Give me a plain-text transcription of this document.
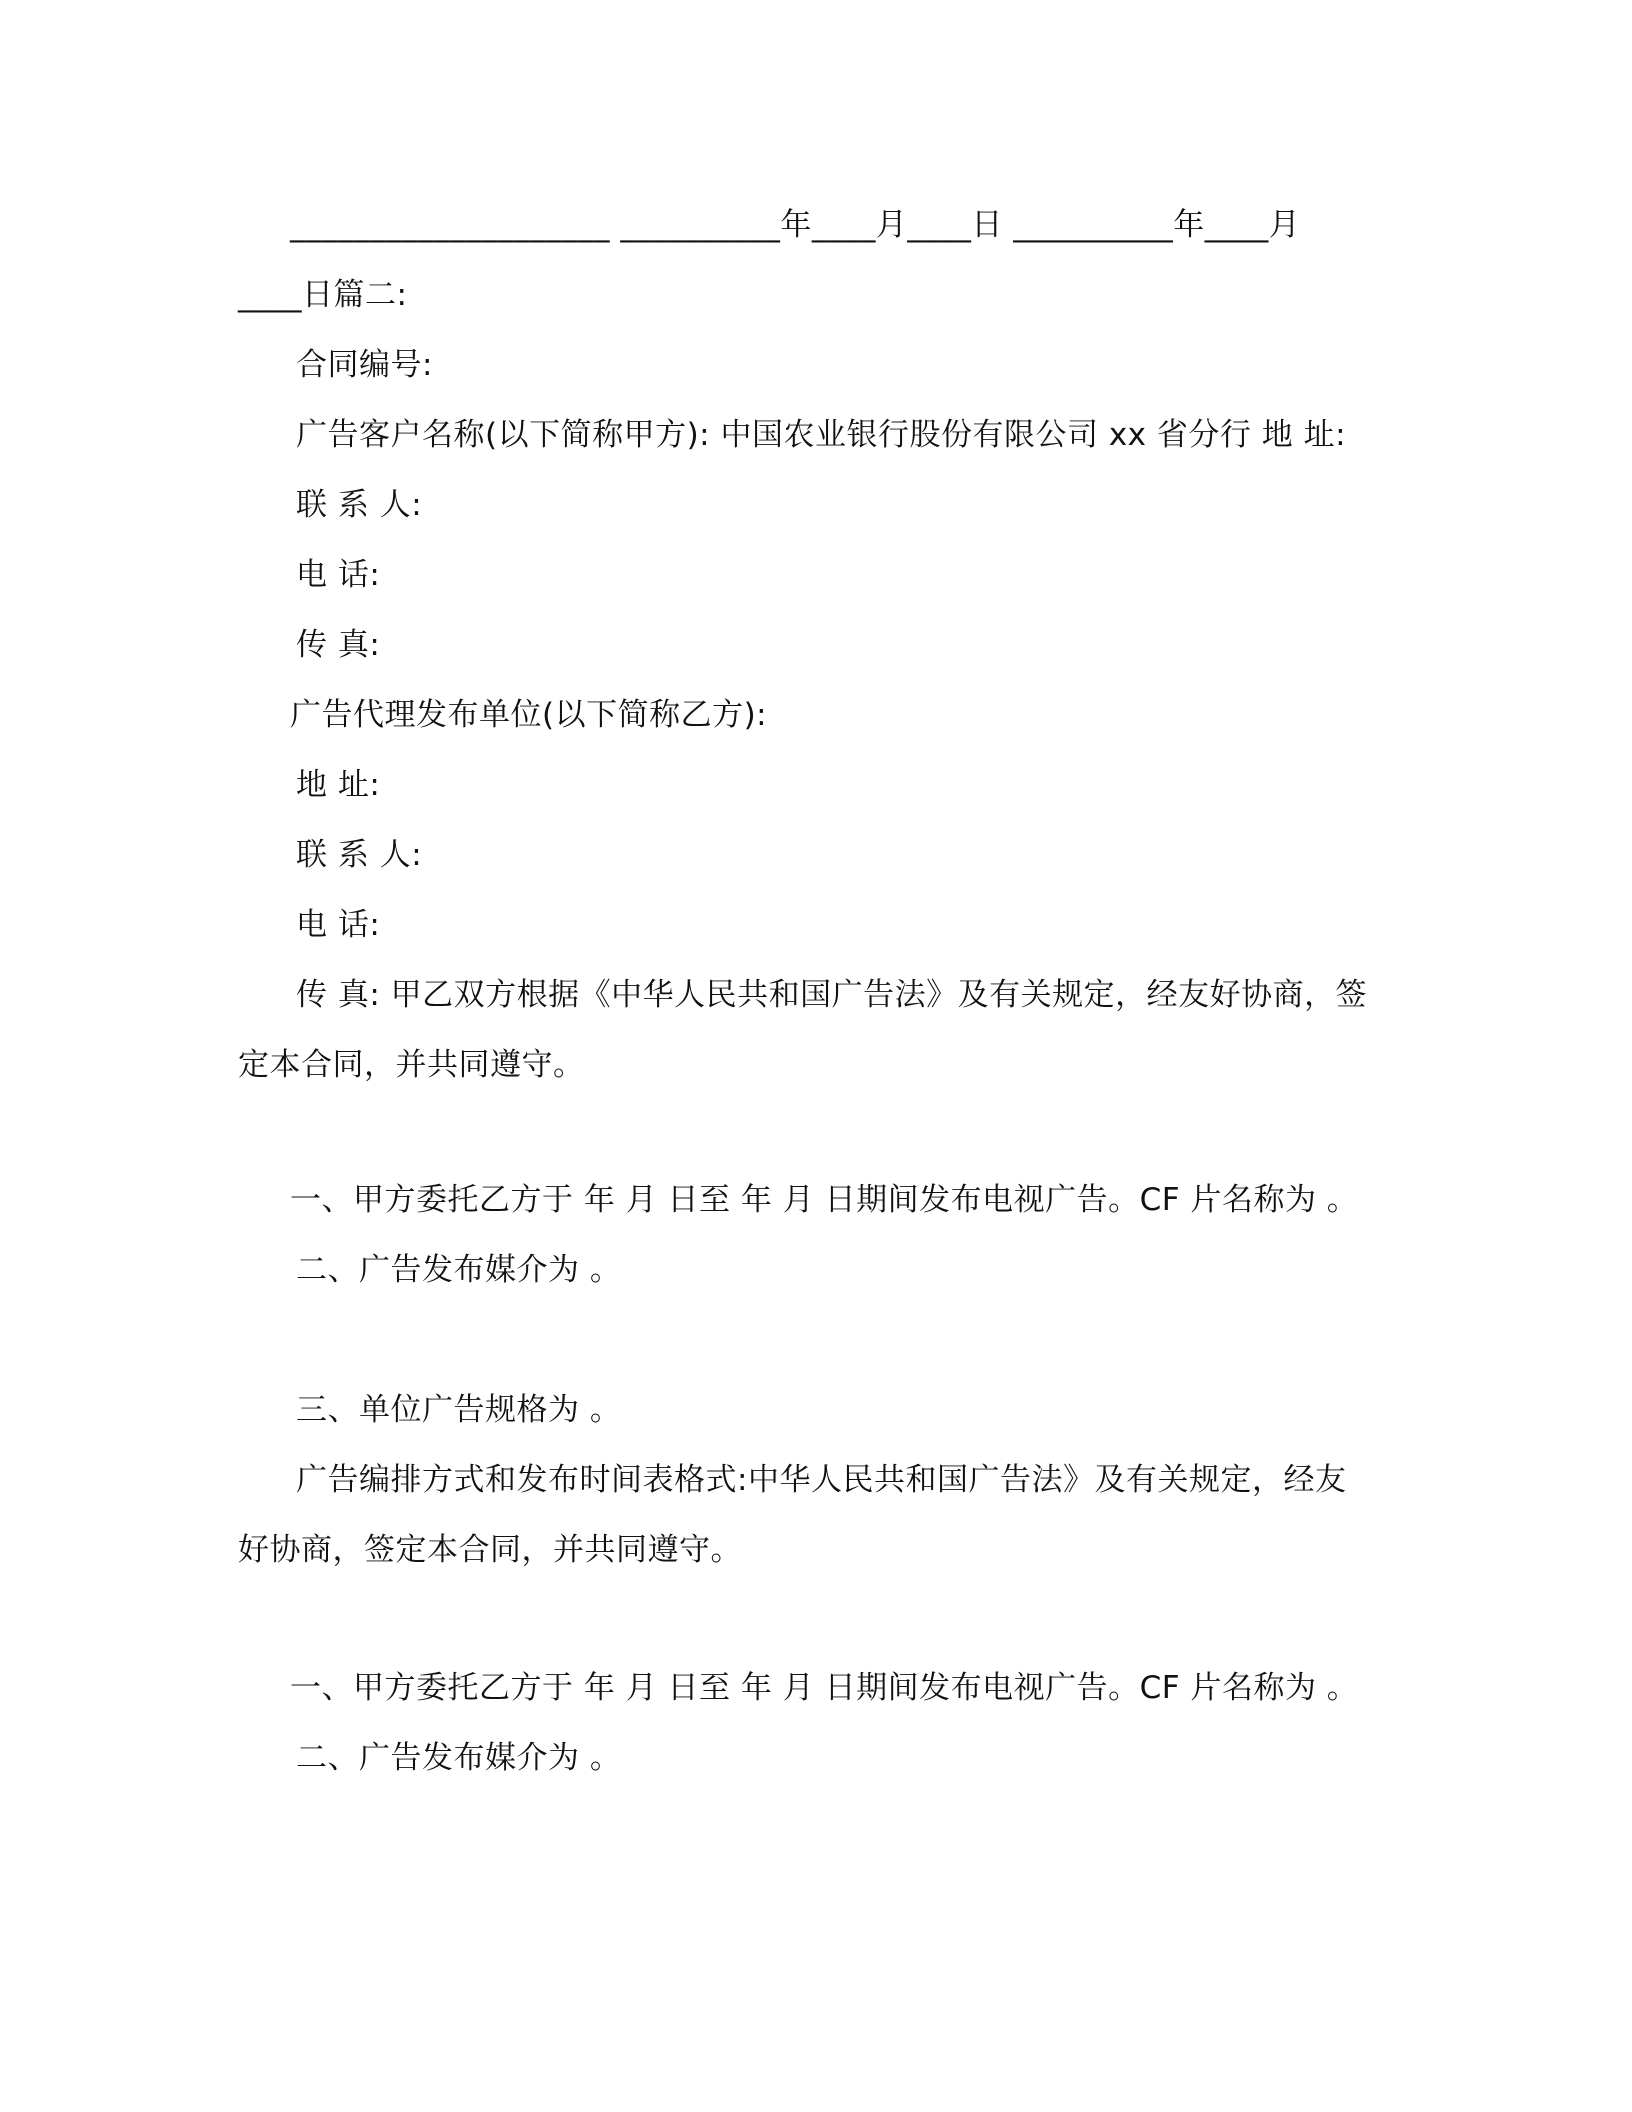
____________________ __________年____月____日 __________年____月
____日篇二:
合同编号:
广告客户名称(以下简称甲方): 中国农业银行股份有限公司 xx 省分行 地 址:
联 系 人:
电 话:
传 真:
广告代理发布单位(以下简称乙方):
地 址:
联 系 人:
电 话:
传 真: 甲乙双方根据《中华人民共和国广告法》及有关规定，经友好协商，签
定本合同，并共同遵守。
一、甲方委托乙方于 年 月 日至 年 月 日期间发布电视广告。CF 片名称为 。
二、广告发布媒介为 。
三、单位广告规格为 。
广告编排方式和发布时间表格式:中华人民共和国广告法》及有关规定，经友
好协商，签定本合同，并共同遵守。
一、甲方委托乙方于 年 月 日至 年 月 日期间发布电视广告。CF 片名称为 。
二、广告发布媒介为 。
